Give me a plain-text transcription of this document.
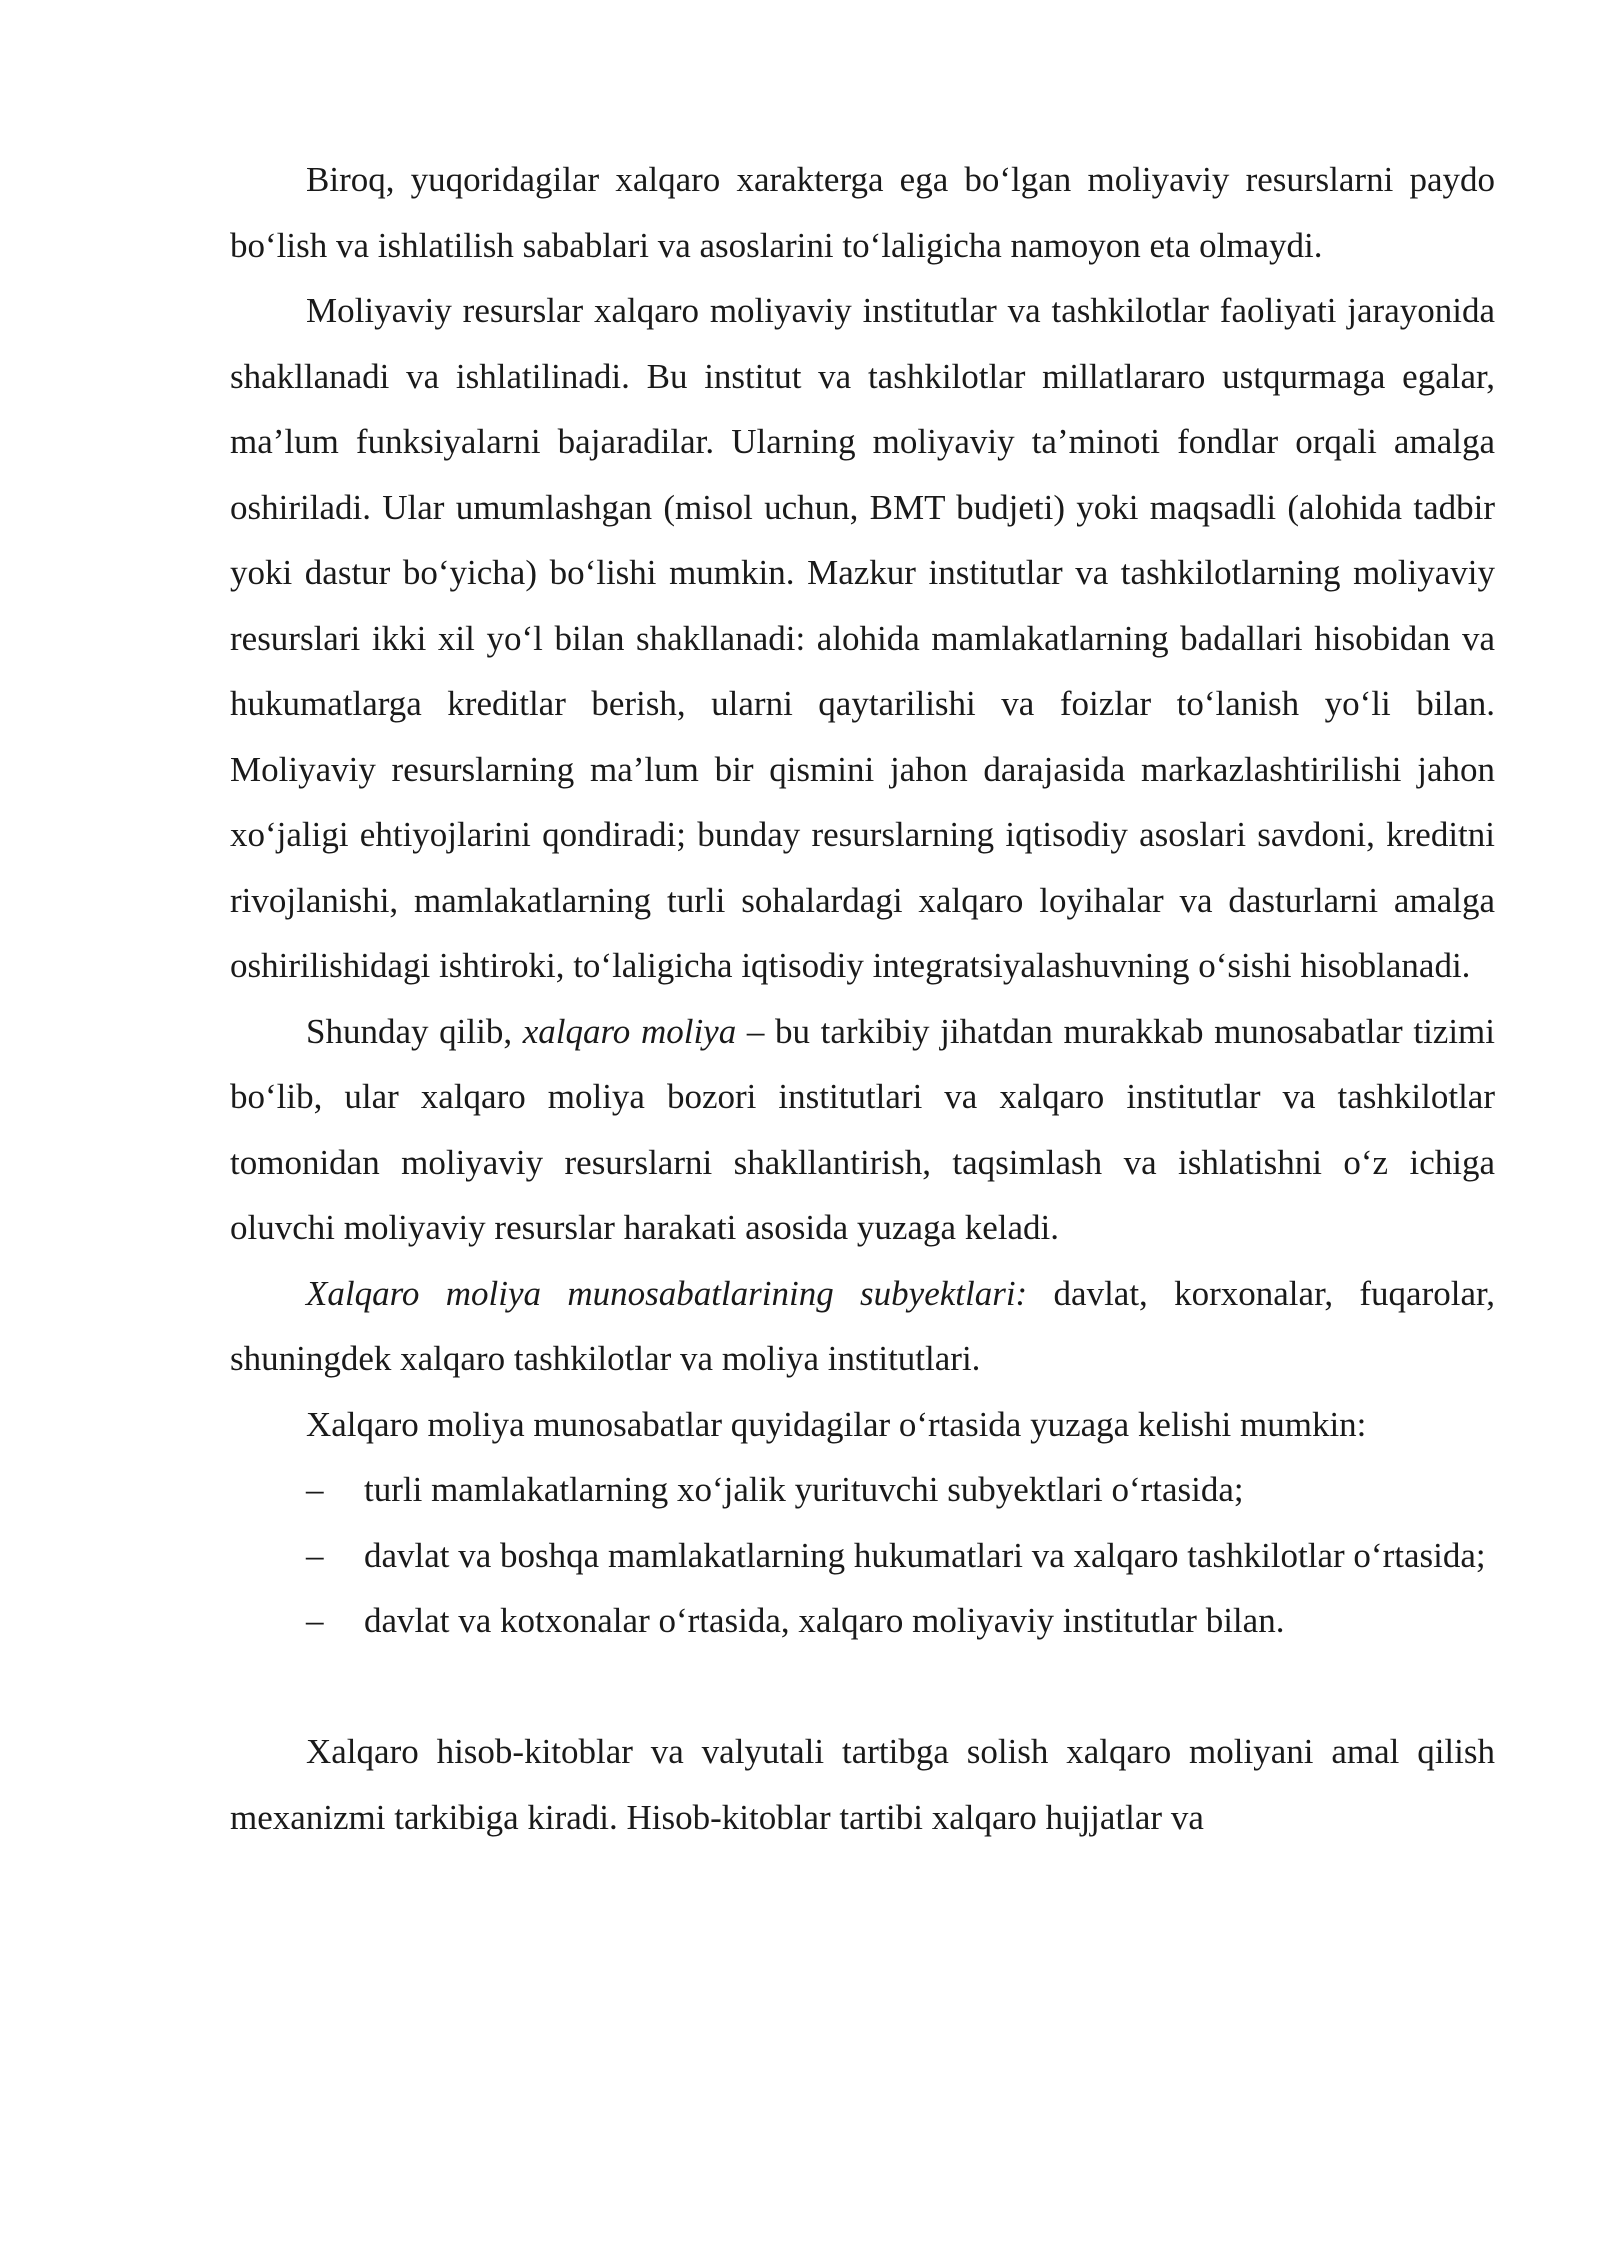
Biroq, yuqoridagilar xalqaro xarakterga ega boʻlgan moliyaviy resurslarni paydo boʻlish va ishlatilish sabablari va asoslarini toʻlaligicha namoyon eta olmaydi.

Moliyaviy resurslar xalqaro moliyaviy institutlar va tashkilotlar faoliyati jarayonida shakllanadi va ishlatilinadi. Bu institut va tashkilotlar millatlararo ustqurmaga egalar, ma’lum funksiyalarni bajaradilar. Ularning moliyaviy ta’minoti fondlar orqali amalga oshiriladi. Ular umumlashgan (misol uchun, BMT budjeti) yoki maqsadli (alohida tadbir yoki dastur boʻyicha) boʻlishi mumkin. Mazkur institutlar va tashkilotlarning moliyaviy resurslari ikki xil yoʻl bilan shakllanadi: alohida mamlakatlarning badallari hisobidan va hukumatlarga kreditlar berish, ularni qaytarilishi va foizlar toʻlanish yoʻli bilan. Moliyaviy resurslarning ma’lum bir qismini jahon darajasida markazlashtirilishi jahon xoʻjaligi ehtiyojlarini qondiradi; bunday resurslarning iqtisodiy asoslari savdoni, kreditni rivojlanishi, mamlakatlarning turli sohalardagi xalqaro loyihalar va dasturlarni amalga oshirilishidagi ishtiroki, toʻlaligicha iqtisodiy integratsiyalashuvning oʻsishi hisoblanadi.

Shunday qilib, xalqaro moliya – bu tarkibiy jihatdan murakkab munosabatlar tizimi boʻlib, ular xalqaro moliya bozori institutlari va xalqaro institutlar va tashkilotlar tomonidan moliyaviy resurslarni shakllantirish, taqsimlash va ishlatishni oʻz ichiga oluvchi moliyaviy resurslar harakati asosida yuzaga keladi.

Xalqaro moliya munosabatlarining subyektlari: davlat, korxonalar, fuqarolar, shuningdek xalqaro tashkilotlar va moliya institutlari.

Xalqaro moliya munosabatlar quyidagilar oʻrtasida yuzaga kelishi mumkin:

– turli mamlakatlarning xoʻjalik yurituvchi subyektlari oʻrtasida;

– davlat va boshqa mamlakatlarning hukumatlari va xalqaro tashkilotlar oʻrtasida;

– davlat va kotxonalar oʻrtasida, xalqaro moliyaviy institutlar bilan.

Xalqaro hisob-kitoblar va valyutali tartibga solish xalqaro moliyani amal qilish mexanizmi tarkibiga kiradi. Hisob-kitoblar tartibi xalqaro hujjatlar va
